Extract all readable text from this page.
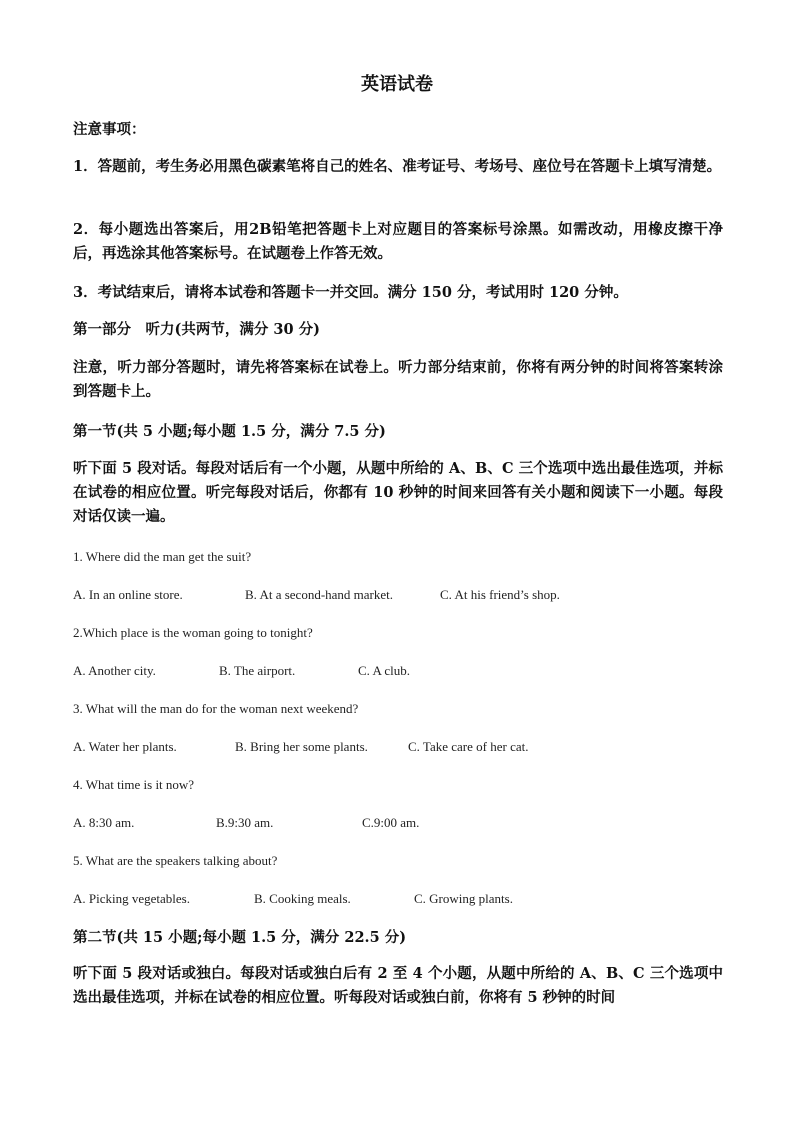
英语试卷
注意事项：
1．答题前，考生务必用黑色碳素笔将自己的姓名、准考证号、考场号、座位号在答题卡上填写清楚。
2．每小题选出答案后，用2B铅笔把答题卡上对应题目的答案标号涂黑。如需改动，用橡皮擦干净后，再选涂其他答案标号。在试题卷上作答无效。
3．考试结束后，请将本试卷和答题卡一并交回。满分 150 分，考试用时 120 分钟。
第一部分　听力(共两节，满分 30 分)
注意，听力部分答题时，请先将答案标在试卷上。听力部分结束前，你将有两分钟的时间将答案转涂到答题卡上。
第一节(共 5 小题;每小题 1.5 分，满分 7.5 分)
听下面 5 段对话。每段对话后有一个小题，从题中所给的 A、B、C 三个选项中选出最佳选项，并标在试卷的相应位置。听完每段对话后，你都有 10 秒钟的时间来回答有关小题和阅读下一小题。每段对话仅读一遍。
1. Where did the man get the suit?
A. In an online store.	B. At a second-hand market.	C. At his friend’s shop.
2.Which place is the woman going to tonight?
A. Another city.	B. The airport.	C. A club.
3. What will the man do for the woman next weekend?
A. Water her plants.	B. Bring her some plants.	C. Take care of her cat.
4. What time is it now?
A. 8:30 am.	B.9:30 am.	C.9:00 am.
5. What are the speakers talking about?
A. Picking vegetables.	B. Cooking meals.	C. Growing plants.
第二节(共 15 小题;每小题 1.5 分，满分 22.5 分)
听下面 5 段对话或独白。每段对话或独白后有 2 至 4 个小题，从题中所给的 A、B、C 三个选项中选出最佳选项，并标在试卷的相应位置。听每段对话或独白前，你将有 5 秒钟的时间
